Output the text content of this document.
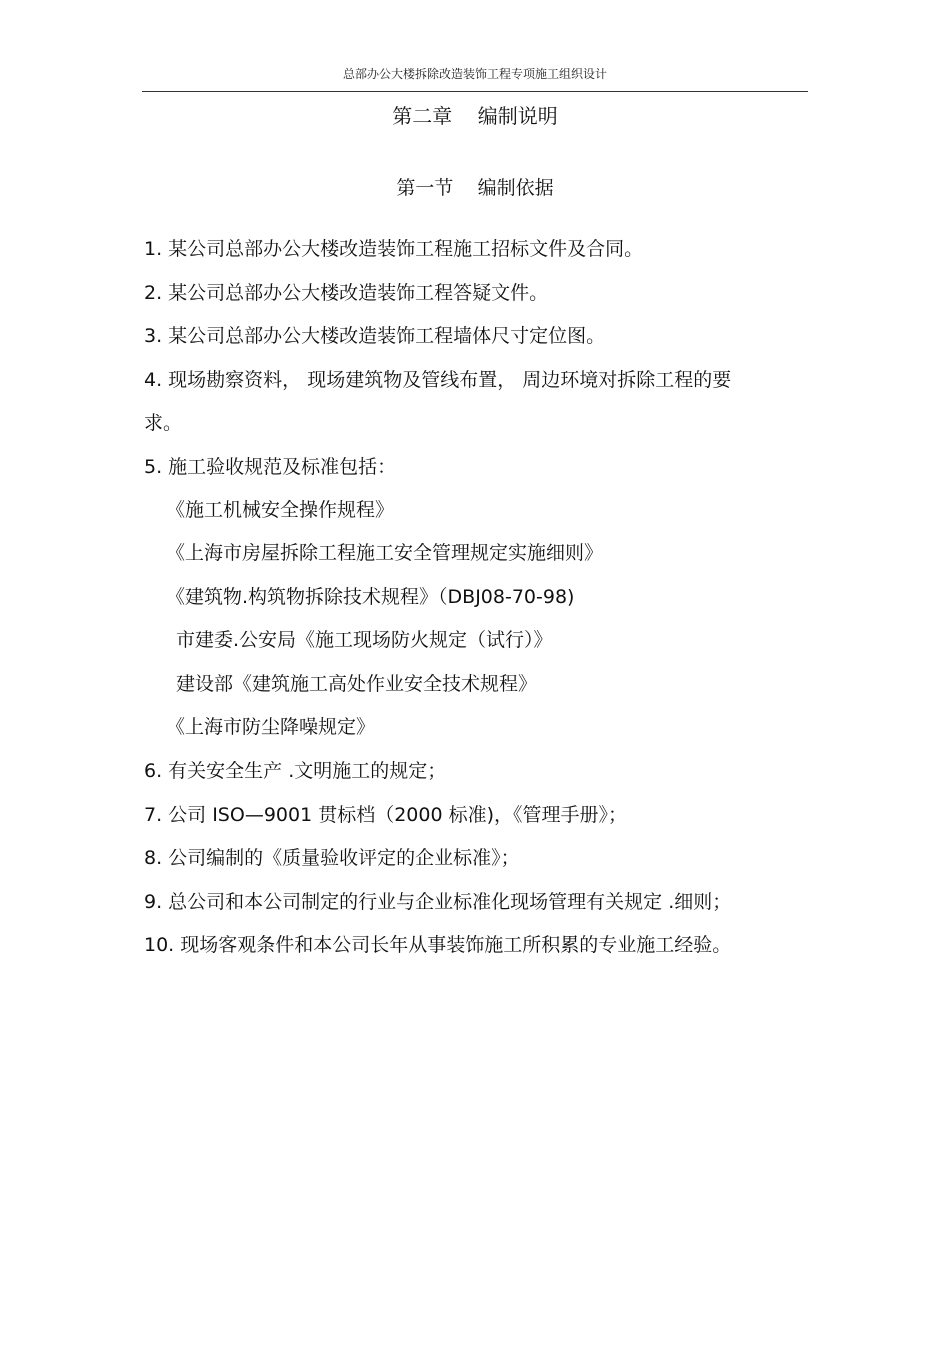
总部办公大楼拆除改造装饰工程专项施工组织设计
第二章    编制说明
第一节    编制依据
1. 某公司总部办公大楼改造装饰工程施工招标文件及合同。
2. 某公司总部办公大楼改造装饰工程答疑文件。
3. 某公司总部办公大楼改造装饰工程墙体尺寸定位图。
4. 现场勘察资料， 现场建筑物及管线布置， 周边环境对拆除工程的要
求。
5. 施工验收规范及标准包括：
《施工机械安全操作规程》
《上海市房屋拆除工程施工安全管理规定实施细则》
《建筑物.构筑物拆除技术规程》（DBJ08-70-98)
市建委.公安局《施工现场防火规定（试行）》
建设部《建筑施工高处作业安全技术规程》
《上海市防尘降噪规定》
6. 有关安全生产 .文明施工的规定；
7. 公司 ISO—9001 贯标档（2000 标准)，《管理手册》；
8. 公司编制的《质量验收评定的企业标准》；
9. 总公司和本公司制定的行业与企业标准化现场管理有关规定 .细则；
10. 现场客观条件和本公司长年从事装饰施工所积累的专业施工经验。
